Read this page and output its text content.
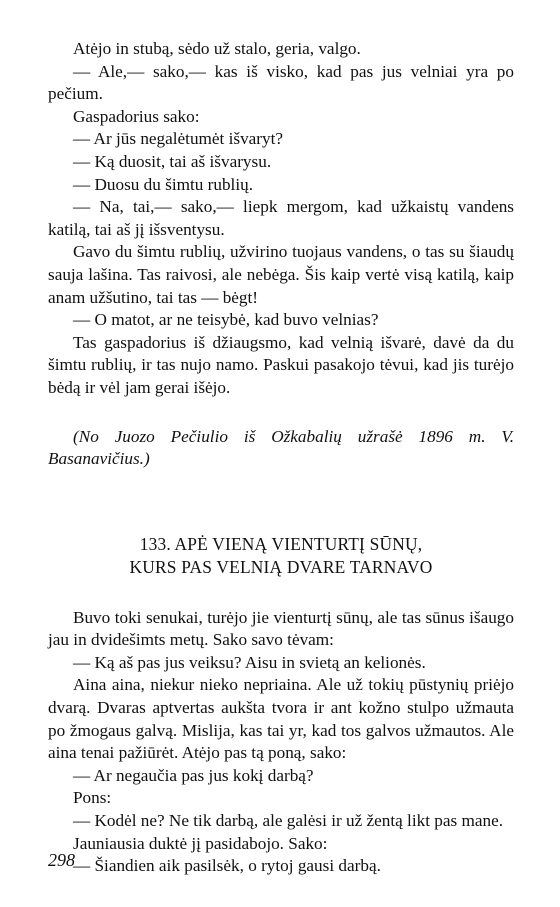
Atėjo in stubą, sėdo už stalo, geria, valgo.

— Ale,— sako,— kas iš visko, kad pas jus velniai yra po pečium.

Gaspadorius sako:

— Ar jūs negalėtumėt išvaryt?

— Ką duosit, tai aš išvarysu.

— Duosu du šimtu rublių.

— Na, tai,— sako,— liepk mergom, kad užkaistų vandens katilą, tai aš jį išsventysu.

Gavo du šimtu rublių, užvirino tuojaus vandens, o tas su šiaudų sauja lašina. Tas raivosi, ale nebėga. Šis kaip vertė visą katilą, kaip anam užšutino, tai tas — bėgt!

— O matot, ar ne teisybė, kad buvo velnias?

Tas gaspadorius iš džiaugsmo, kad velnią išvarė, davė da du šimtu rublių, ir tas nujo namo. Paskui pasakojo tėvui, kad jis turėjo bėdą ir vėl jam gerai išėjo.

(No Juozo Pečiulio iš Ožkabalių užrašė 1896 m. V. Basanavičius.)

133. APĖ VIENĄ VIENTURTĮ SŪNŲ,
KURS PAS VELNIĄ DVARE TARNAVO

Buvo toki senukai, turėjo jie vienturtį sūnų, ale tas sūnus išaugo jau in dvidešimts metų. Sako savo tėvam:

— Ką aš pas jus veiksu? Aisu in svietą an kelionės.

Aina aina, niekur nieko nepriaina. Ale už tokių pūstynių priėjo dvarą. Dvaras aptvertas aukšta tvora ir ant kožno stulpo užmauta po žmogaus galvą. Mislija, kas tai yr, kad tos galvos užmautos. Ale aina tenai pažiūrėt. Atėjo pas tą poną, sako:

— Ar negaučia pas jus kokį darbą?

Pons:

— Kodėl ne? Ne tik darbą, ale galėsi ir už žentą likt pas mane.

Jauniausia duktė jį pasidabojo. Sako:

— Šiandien aik pasilsėk, o rytoj gausi darbą.

298
